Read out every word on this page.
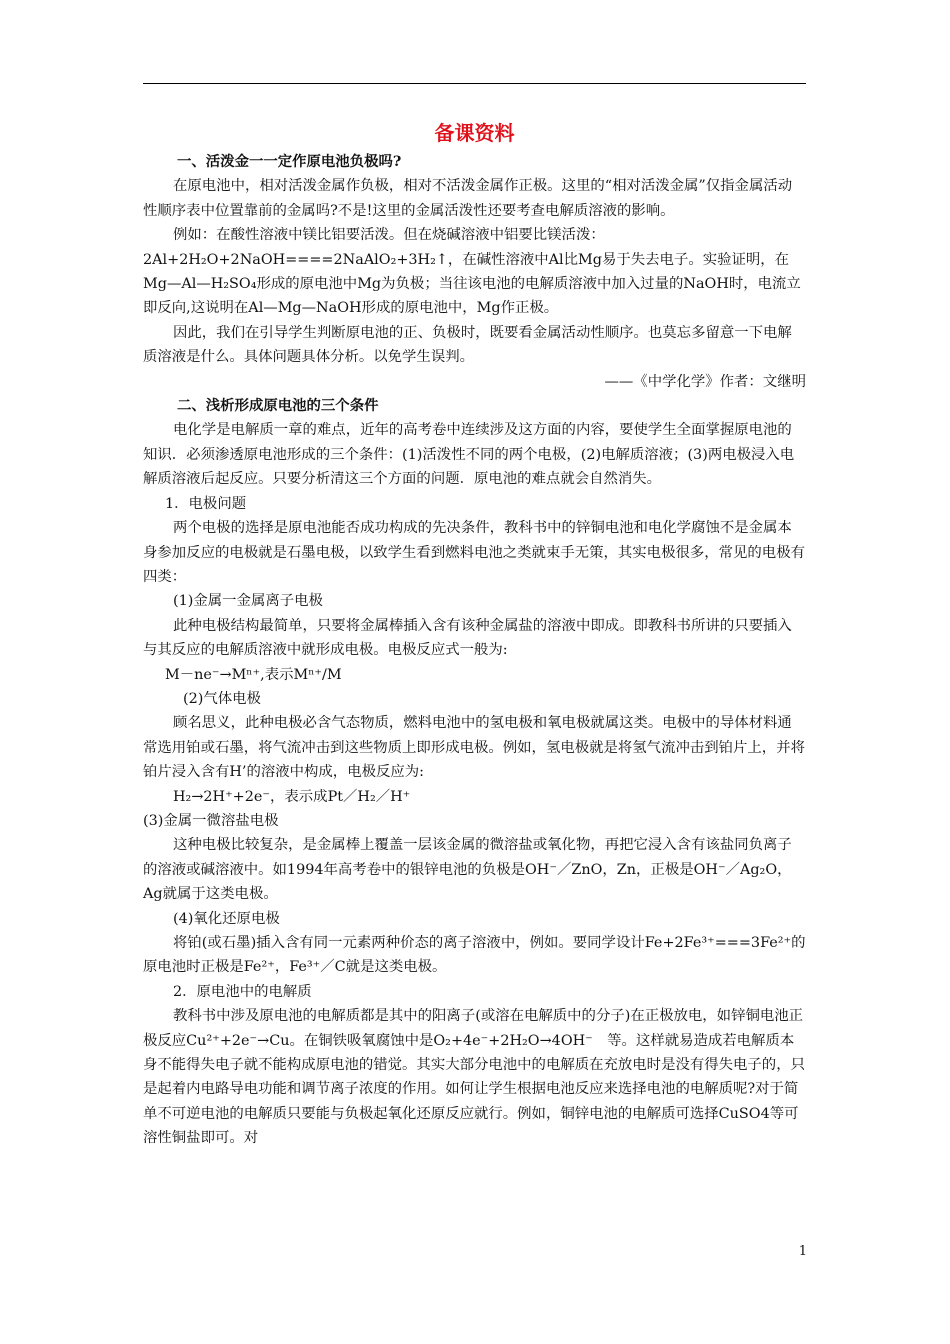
备课资料
一、活泼金一一定作原电池负极吗?

在原电池中，相对活泼金属作负极，相对不活泼金属作正极。这里的“相对活泼金属”仅指金属活动性顺序表中位置靠前的金属吗?不是!这里的金属活泼性还要考查电解质溶液的影响。

例如：在酸性溶液中镁比铝要活泼。但在烧碱溶液中铝要比镁活泼：

2Al+2H₂O+2NaOH====2NaAlO₂+3H₂↑，在碱性溶液中Al比Mg易于失去电子。实验证明，在Mg—Al—H₂SO₄形成的原电池中Mg为负极；当往该电池的电解质溶液中加入过量的NaOH时，电流立即反向,这说明在Al—Mg—NaOH形成的原电池中，Mg作正极。

因此，我们在引导学生判断原电池的正、负极时，既要看金属活动性顺序。也莫忘多留意一下电解质溶液是什么。具体问题具体分析。以免学生误判。

——《中学化学》作者：文继明

二、浅析形成原电池的三个条件

电化学是电解质一章的难点，近年的高考卷中连续涉及这方面的内容，要使学生全面掌握原电池的知识．必须渗透原电池形成的三个条件：(1)活泼性不同的两个电极，(2)电解质溶液；(3)两电极浸入电解质溶液后起反应。只要分析清这三个方面的问题．原电池的难点就会自然消失。

1．电极问题

两个电极的选择是原电池能否成功构成的先决条件，教科书中的锌铜电池和电化学腐蚀不是金属本身参加反应的电极就是石墨电极，以致学生看到燃料电池之类就束手无策，其实电极很多，常见的电极有四类：

(1)金属一金属离子电极

此种电极结构最简单，只要将金属棒插入含有该种金属盐的溶液中即成。即教科书所讲的只要插入与其反应的电解质溶液中就形成电极。电极反应式一般为:

M－ne⁻→Mⁿ⁺,表示Mⁿ⁺/M

(2)气体电极

顾名思义，此种电极必含气态物质，燃料电池中的氢电极和氧电极就属这类。电极中的导体材料通常选用铂或石墨，将气流冲击到这些物质上即形成电极。例如，氢电极就是将氢气流冲击到铂片上，并将铂片浸入含有H’的溶液中构成，电极反应为:

H₂→2H⁺+2e⁻，表示成Pt／H₂／H⁺

(3)金属一微溶盐电极

这种电极比较复杂，是金属棒上覆盖一层该金属的微溶盐或氧化物，再把它浸入含有该盐同负离子的溶液或碱溶液中。如1994年高考卷中的银锌电池的负极是OH⁻／ZnO，Zn，正极是OH⁻／Ag₂O，Ag就属于这类电极。

(4)氧化还原电极

将铂(或石墨)插入含有同一元素两种价态的离子溶液中，例如。要同学设计Fe+2Fe³⁺===3Fe²⁺的原电池时正极是Fe²⁺，Fe³⁺／C就是这类电极。

2．原电池中的电解质

教科书中涉及原电池的电解质都是其中的阳离子(或溶在电解质中的分子)在正极放电，如锌铜电池正极反应Cu²⁺+2e⁻→Cu。在铜铁吸氧腐蚀中是O₂+4e⁻+2H₂O→4OH⁻　等。这样就易造成若电解质本身不能得失电子就不能构成原电池的错觉。其实大部分电池中的电解质在充放电时是没有得失电子的，只是起着内电路导电功能和调节离子浓度的作用。如何让学生根据电池反应来选择电池的电解质呢?对于简单不可逆电池的电解质只要能与负极起氧化还原反应就行。例如，铜锌电池的电解质可选择CuSO4等可溶性铜盐即可。对

1
